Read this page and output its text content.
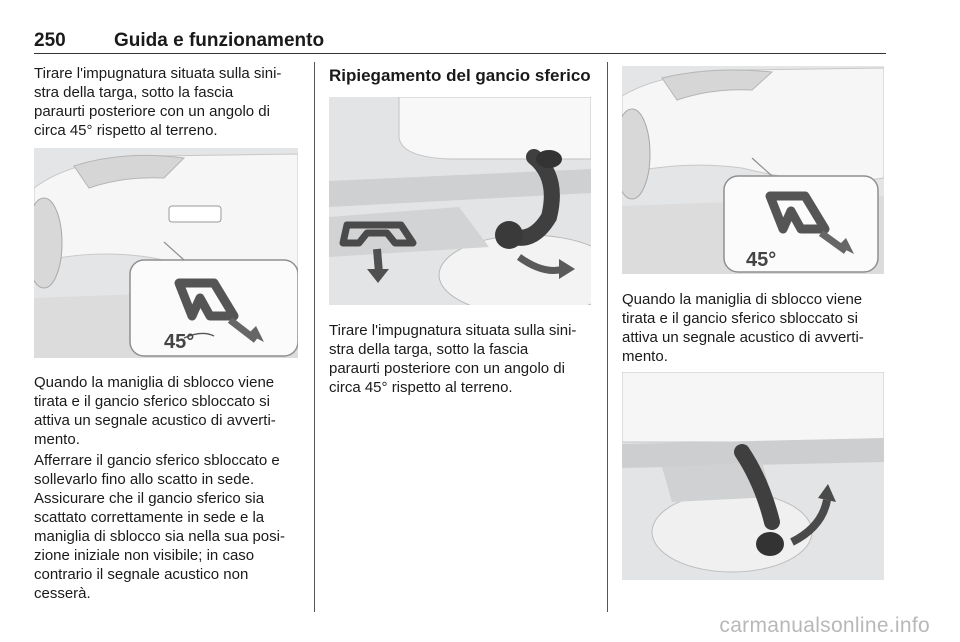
250	Guida e funzionamento

Tirare l'impugnatura situata sulla sini-
stra della targa, sotto la fascia
paraurti posteriore con un angolo di
circa 45° rispetto al terreno.

45°

Quando la maniglia di sblocco viene
tirata e il gancio sferico sbloccato si
attiva un segnale acustico di avverti-
mento.

Afferrare il gancio sferico sbloccato e
sollevarlo fino allo scatto in sede.

Assicurare che il gancio sferico sia
scattato correttamente in sede e la
maniglia di sblocco sia nella sua posi-
zione iniziale non visibile; in caso
contrario il segnale acustico non
cesserà.

Ripiegamento del gancio sferico

Tirare l'impugnatura situata sulla sini-
stra della targa, sotto la fascia
paraurti posteriore con un angolo di
circa 45° rispetto al terreno.

45°

Quando la maniglia di sblocco viene
tirata e il gancio sferico sbloccato si
attiva un segnale acustico di avverti-
mento.

carmanualsonline.info
